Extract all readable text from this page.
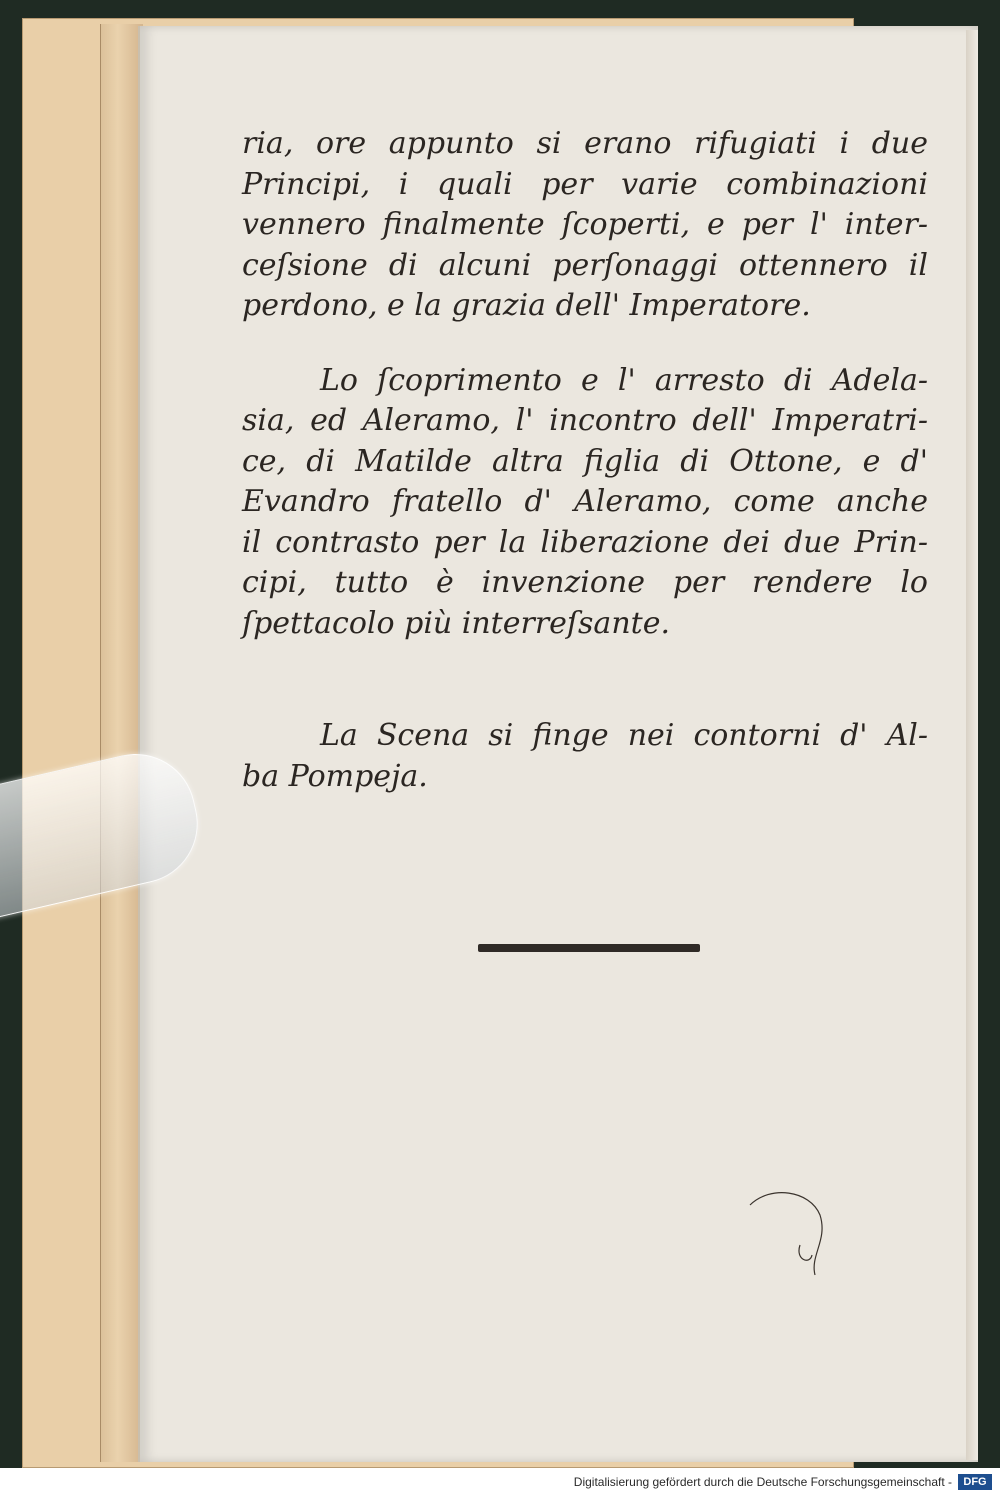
ria, ore appunto si erano rifugiati i due
Principi, i quali per varie combinazioni
vennero finalmente ſcoperti, e per l' inter-
ceſsione di alcuni perſonaggi ottennero il
perdono, e la grazia dell' Imperatore.
Lo ſcoprimento e l' arresto di Adela-
sia, ed Aleramo, l' incontro dell' Imperatri-
ce, di Matilde altra figlia di Ottone, e d'
Evandro fratello d' Aleramo, come anche
il contrasto per la liberazione dei due Prin-
cipi, tutto è invenzione per rendere lo
ſpettacolo più interreſsante.
La Scena si finge nei contorni d' Al-
ba Pompeja.
Digitalisierung gefördert durch die Deutsche Forschungsgemeinschaft -	DFG
